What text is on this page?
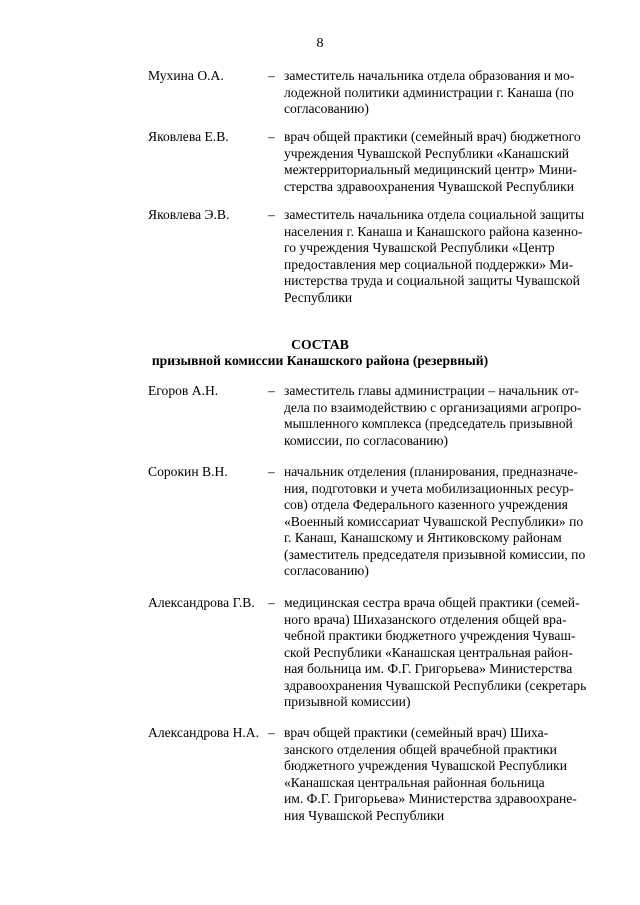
8
Мухина О.А.	– заместитель начальника отдела образования и мо-
лодежной политики администрации г. Канаша (по
согласованию)
Яковлева Е.В.	– врач общей практики (семейный врач) бюджетного
учреждения Чувашской Республики «Канашский
межтерриториальный медицинский центр» Мини-
стерства здравоохранения Чувашской Республики
Яковлева Э.В.	– заместитель начальника отдела социальной защиты
населения г. Канаша и Канашского района казенно-
го учреждения Чувашской Республики «Центр
предоставления мер социальной поддержки» Ми-
нистерства труда и социальной защиты Чувашской
Республики
СОСТАВ
призывной комиссии Канашского района (резервный)
Егоров А.Н.	– заместитель главы администрации – начальник от-
дела по взаимодействию с организациями агропро-
мышленного комплекса (председатель призывной
комиссии, по согласованию)
Сорокин В.Н.	– начальник отделения (планирования, предназначе-
ния, подготовки и учета мобилизационных ресур-
сов) отдела Федерального казенного учреждения
«Военный комиссариат Чувашской Республики» по
г. Канаш, Канашскому и Янтиковскому районам
(заместитель председателя призывной комиссии, по
согласованию)
Александрова Г.В. – медицинская сестра врача общей практики (семей-
ного врача) Шихазанского отделения общей вра-
чебной практики бюджетного учреждения Чуваш-
ской Республики «Канашская центральная район-
ная больница им. Ф.Г. Григорьева» Министерства
здравоохранения Чувашской Республики (секретарь
призывной комиссии)
Александрова Н.А. – врач общей практики (семейный врач) Шиха-
занского отделения общей врачебной практики
бюджетного учреждения Чувашской Республики
«Канашская центральная районная больница
им. Ф.Г. Григорьева» Министерства здравоохране-
ния Чувашской Республики
